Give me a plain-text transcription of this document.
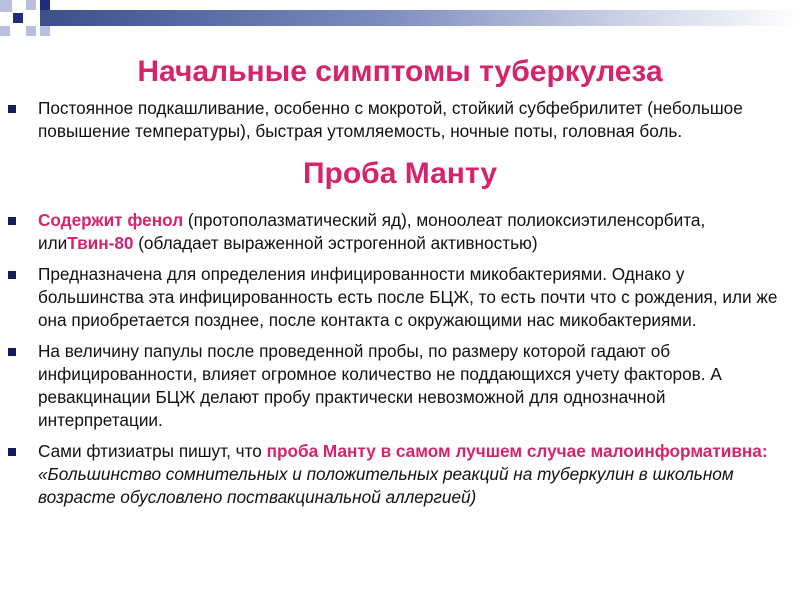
Начальные симптомы туберкулеза
Постоянное подкашливание, особенно с мокротой, стойкий субфебрилитет (небольшое повышение температуры), быстрая утомляемость, ночные поты, головная боль.
Проба Манту
Содержит фенол (протополазматический яд), моноолеат полиоксиэтиленсорбита, илиТвин-80 (обладает выраженной эстрогенной активностью)
Предназначена для определения инфицированности микобактериями. Однако у большинства эта инфицированность есть после БЦЖ, то есть почти что с рождения, или же она приобретается позднее, после контакта с окружающими нас микобактериями.
На величину папулы после проведенной пробы, по размеру которой гадают об инфицированности, влияет огромное количество не поддающихся учету факторов. А ревакцинации БЦЖ делают пробу практически невозможной для однозначной интерпретации.
Сами фтизиатры пишут, что проба Манту в самом лучшем случае малоинформативна: «Большинство сомнительных и положительных реакций на туберкулин в школьном возрасте обусловлено поствакцинальной аллергией)
